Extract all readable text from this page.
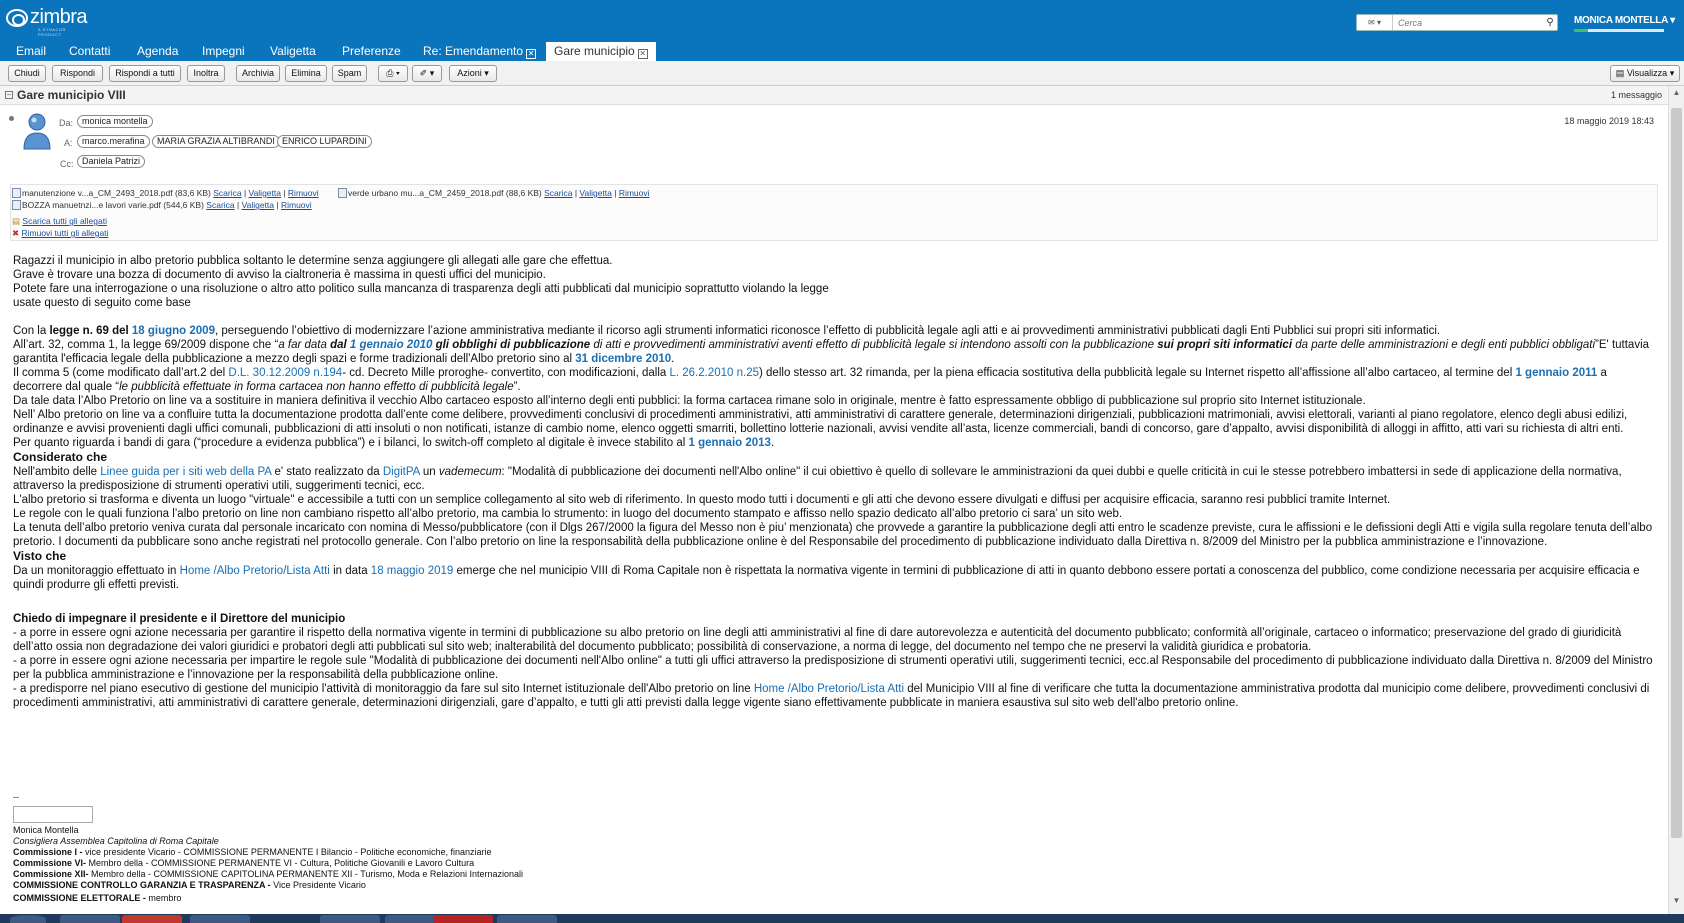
zimbra
A SYNACOR PRODUCT
✉
▾
Cerca	⚲	MONICA MONTELLA ▾
Email Contatti Agenda Impegni Valigetta Preferenze Re: Emendamento ✕	Gare municipio ✕
Chiudi	Rispondi	Rispondi a tutti	Inoltra	Archivia	Elimina	Spam	⎙ ▾	✐ ▾	Azioni ▾	▤ Visualizza ▾
− Gare municipio VIII	1 messaggio
Da: monica montella
A:	marco.merafina	MARIA GRAZIA ALTIBRANDI ENRICO LUPARDINI
Cc: Daniela Patrizi
18 maggio 2019 18:43
manutenzione v...a_CM_2493_2018.pdf (83,6 KB) Scarica | Valigetta | Rimuovi	verde urbano mu...a_CM_2459_2018.pdf (88,6 KB) Scarica | Valigetta | Rimuovi
BOZZA manuetnzi...e lavori varie.pdf (544,6 KB) Scarica | Valigetta | Rimuovi
▤ Scarica tutti gli allegati
✖ Rimuovi tutti gli allegati

Ragazzi il municipio in albo pretorio pubblica soltanto le determine senza aggiungere gli allegati alle gare che effettua.

Grave è trovare una bozza di documento di avviso la cialtroneria è massima in questi uffici del municipio.

Potete fare una interrogazione o una risoluzione o altro atto politico sulla mancanza di trasparenza degli atti pubblicati dal municipio soprattutto violando la legge

usate questo di seguito come base

Con la legge n. 69 del 18 giugno 2009, perseguendo l’obiettivo di modernizzare l’azione amministrativa mediante il ricorso agli strumenti informatici riconosce l’effetto di pubblicità legale agli atti e ai provvedimenti amministrativi pubblicati dagli Enti Pubblici sui propri siti informatici.

All’art. 32, comma 1, la legge 69/2009 dispone che “a far data dal 1 gennaio 2010 gli obblighi di pubblicazione di atti e provvedimenti amministrativi aventi effetto di pubblicità legale si intendono assolti con la pubblicazione sui propri siti informatici da parte delle amministrazioni e degli enti pubblici obbligati”E' tuttavia garantita l'efficacia legale della pubblicazione a mezzo degli spazi e forme tradizionali dell'Albo pretorio sino al 31 dicembre 2010.

Il comma 5 (come modificato dall’art.2 del D.L. 30.12.2009 n.194- cd. Decreto Mille proroghe- convertito, con modificazioni, dalla L. 26.2.2010 n.25) dello stesso art. 32 rimanda, per la piena efficacia sostitutiva della pubblicità legale su Internet rispetto all’affissione all’albo cartaceo, al termine del 1 gennaio 2011 a decorrere dal quale “le pubblicità effettuate in forma cartacea non hanno effetto di pubblicità legale”.

Da tale data l’Albo Pretorio on line va a sostituire in maniera definitiva il vecchio Albo cartaceo esposto all’interno degli enti pubblici: la forma cartacea rimane solo in originale, mentre è fatto espressamente obbligo di pubblicazione sul proprio sito Internet istituzionale.

Nell’ Albo pretorio on line va a confluire tutta la documentazione prodotta dall’ente come delibere, provvedimenti conclusivi di procedimenti amministrativi, atti amministrativi di carattere generale, determinazioni dirigenziali, pubblicazioni matrimoniali, avvisi elettorali, varianti al piano regolatore, elenco degli abusi edilizi, ordinanze e avvisi provenienti dagli uffici comunali, pubblicazioni di atti insoluti o non notificati, istanze di cambio nome, elenco oggetti smarriti, bollettino lotterie nazionali, avvisi vendite all’asta, licenze commerciali, bandi di concorso, gare d’appalto, avvisi disponibilità di alloggi in affitto, atti vari su richiesta di altri enti.

Per quanto riguarda i bandi di gara (“procedure a evidenza pubblica”) e i bilanci, lo switch-off completo al digitale è invece stabilito al 1 gennaio 2013.

Considerato che

Nell'ambito delle Linee guida per i siti web della PA e' stato realizzato da DigitPA un vademecum: "Modalità di pubblicazione dei documenti nell'Albo online" il cui obiettivo è quello di sollevare le amministrazioni da quei dubbi e quelle criticità in cui le stesse potrebbero imbattersi in sede di applicazione della normativa, attraverso la predisposizione di strumenti operativi utili, suggerimenti tecnici, ecc.

L'albo pretorio si trasforma e diventa un luogo "virtuale" e accessibile a tutti con un semplice collegamento al sito web di riferimento. In questo modo tutti i documenti e gli atti che devono essere divulgati e diffusi per acquisire efficacia, saranno resi pubblici tramite Internet.

Le regole con le quali funziona l’albo pretorio on line non cambiano rispetto all’albo pretorio, ma cambia lo strumento: in luogo del documento stampato e affisso nello spazio dedicato all’albo pretorio ci sara’ un sito web.

La tenuta dell’albo pretorio veniva curata dal personale incaricato con nomina di Messo/pubblicatore (con il Dlgs 267/2000 la figura del Messo non è piu’ menzionata) che provvede a garantire la pubblicazione degli atti entro le scadenze previste, cura le affissioni e le defissioni degli Atti e vigila sulla regolare tenuta dell’albo pretorio. I documenti da pubblicare sono anche registrati nel protocollo generale. Con l’albo pretorio on line la responsabilità della pubblicazione online è del Responsabile del procedimento di pubblicazione individuato dalla Direttiva n. 8/2009 del Ministro per la pubblica amministrazione e l’innovazione.

Visto che

Da un monitoraggio effettuato in Home /Albo Pretorio/Lista Atti in data 18 maggio 2019 emerge che nel municipio VIII di Roma Capitale non è rispettata la normativa vigente in termini di pubblicazione di atti in quanto debbono essere portati a conoscenza del pubblico, come condizione necessaria per acquisire efficacia e quindi produrre gli effetti previsti.

Chiedo di impegnare il presidente e il Direttore del municipio

- a porre in essere ogni azione necessaria per garantire il rispetto della normativa vigente in termini di pubblicazione su albo pretorio on line degli atti amministrativi al fine di dare autorevolezza e autenticità del documento pubblicato; conformità all’originale, cartaceo o informatico; preservazione del grado di giuridicità dell’atto ossia non degradazione dei valori giuridici e probatori degli atti pubblicati sul sito web; inalterabilità del documento pubblicato; possibilità di conservazione, a norma di legge, del documento nel tempo che ne preservi la validità giuridica e probatoria.

- a porre in essere ogni azione necessaria per impartire le regole sule "Modalità di pubblicazione dei documenti nell'Albo online" a tutti gli uffici attraverso la predisposizione di strumenti operativi utili, suggerimenti tecnici, ecc.al Responsabile del procedimento di pubblicazione individuato dalla Direttiva n. 8/2009 del Ministro per la pubblica amministrazione e l’innovazione per la responsabilità della pubblicazione online.

- a predisporre nel piano esecutivo di gestione del municipio l'attività di monitoraggio da fare sul sito Internet istituzionale dell'Albo pretorio on line Home /Albo Pretorio/Lista Atti del Municipio VIII al fine di verificare che tutta la documentazione amministrativa prodotta dal municipio come delibere, provvedimenti conclusivi di procedimenti amministrativi, atti amministrativi di carattere generale, determinazioni dirigenziali, gare d’appalto, e tutti gli atti previsti dalla legge vigente siano effettivamente pubblicate in maniera esaustiva sul sito web dell'albo pretorio online.

--
Monica Montella
Consigliera Assemblea Capitolina di Roma Capitale
Commissione I - vice presidente Vicario - COMMISSIONE PERMANENTE I Bilancio - Politiche economiche, finanziarie
Commissione VI- Membro della - COMMISSIONE PERMANENTE VI - Cultura, Politiche Giovanili e Lavoro Cultura
Commissione XII- Membro della - COMMISSIONE CAPITOLINA PERMANENTE XII - Turismo, Moda e Relazioni Internazionali
COMMISSIONE CONTROLLO GARANZIA E TRASPARENZA - Vice Presidente Vicario
COMMISSIONE ELETTORALE - membro
▲
▼
